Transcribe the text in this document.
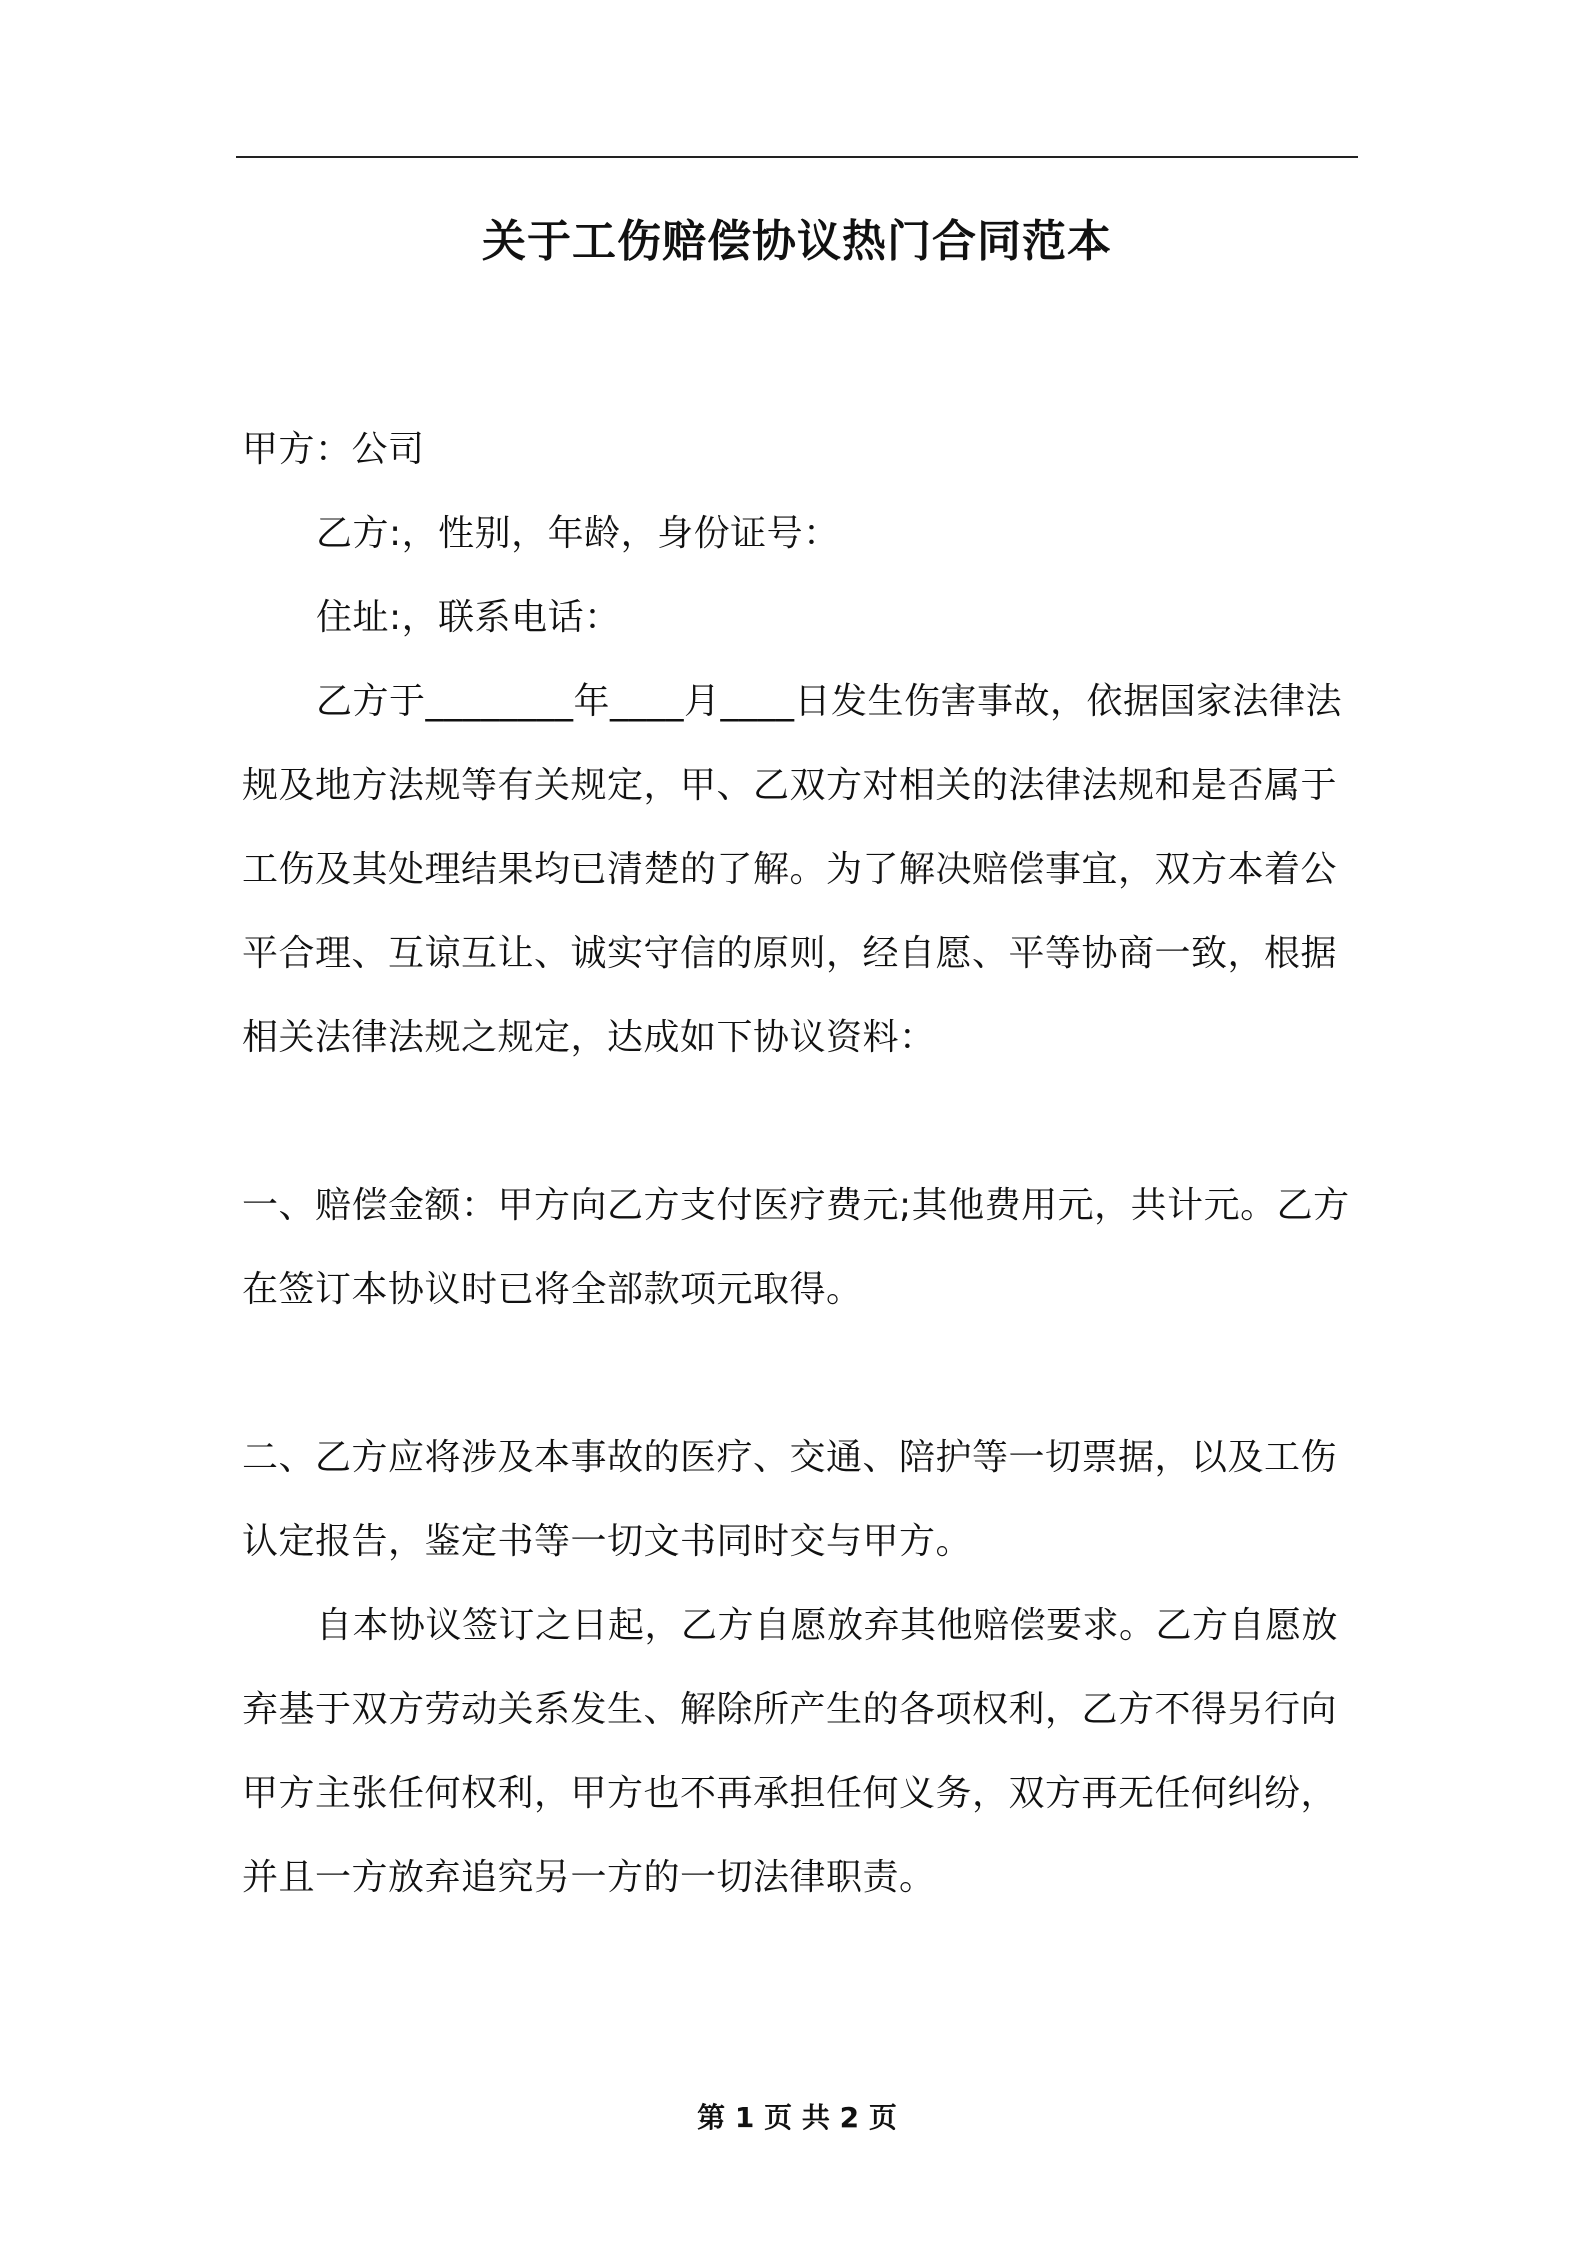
关于工伤赔偿协议热门合同范本

甲方：公司

乙方:，性别，年龄，身份证号：

住址:，联系电话：

乙方于________年____月____日发生伤害事故，依据国家法律法规及地方法规等有关规定，甲、乙双方对相关的法律法规和是否属于工伤及其处理结果均已清楚的了解。为了解决赔偿事宜，双方本着公平合理、互谅互让、诚实守信的原则，经自愿、平等协商一致，根据相关法律法规之规定，达成如下协议资料：

一、赔偿金额：甲方向乙方支付医疗费元;其他费用元，共计元。乙方在签订本协议时已将全部款项元取得。

二、乙方应将涉及本事故的医疗、交通、陪护等一切票据，以及工伤认定报告，鉴定书等一切文书同时交与甲方。

自本协议签订之日起，乙方自愿放弃其他赔偿要求。乙方自愿放弃基于双方劳动关系发生、解除所产生的各项权利，乙方不得另行向甲方主张任何权利，甲方也不再承担任何义务，双方再无任何纠纷，并且一方放弃追究另一方的一切法律职责。

第 1 页 共 2 页
